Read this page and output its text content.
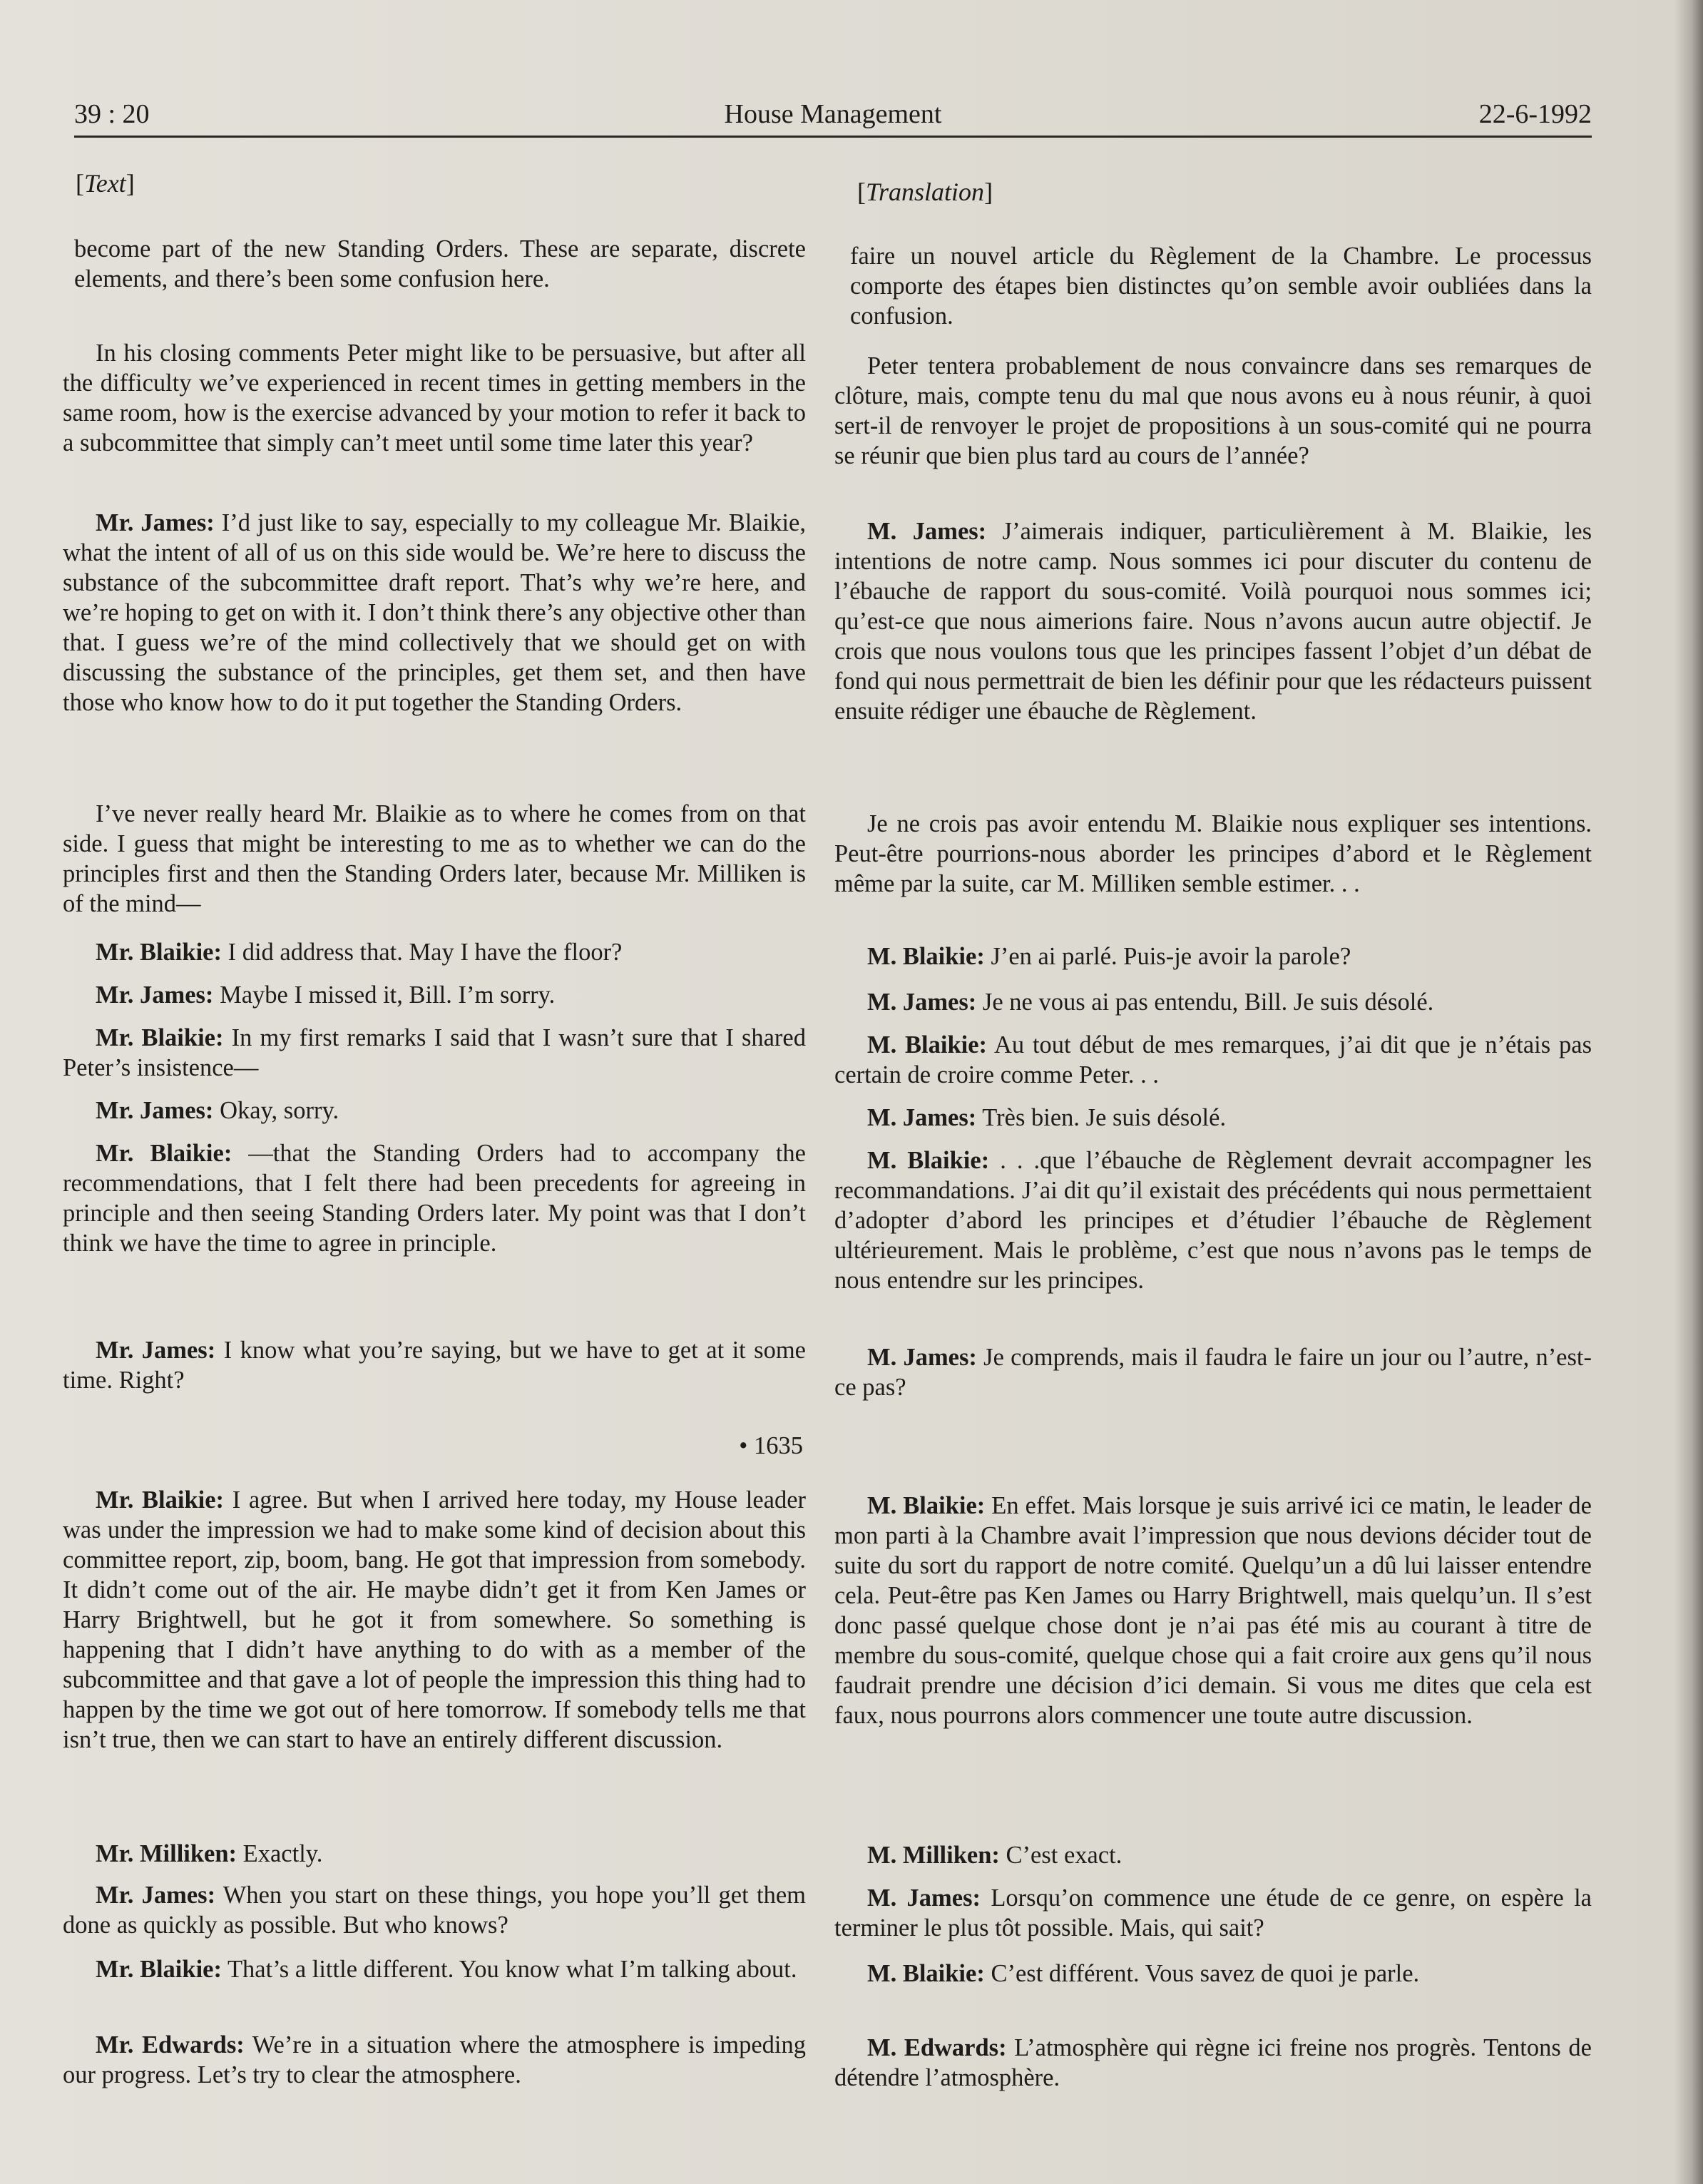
39 : 20	House Management	22-6-1992

[Text]

become part of the new Standing Orders. These are separate, discrete elements, and there’s been some confusion here.

In his closing comments Peter might like to be persuasive, but after all the difficulty we’ve experienced in recent times in getting members in the same room, how is the exercise advanced by your motion to refer it back to a subcommittee that simply can’t meet until some time later this year?

Mr. James: I’d just like to say, especially to my colleague Mr. Blaikie, what the intent of all of us on this side would be. We’re here to discuss the substance of the subcommittee draft report. That’s why we’re here, and we’re hoping to get on with it. I don’t think there’s any objective other than that. I guess we’re of the mind collectively that we should get on with discussing the substance of the principles, get them set, and then have those who know how to do it put together the Standing Orders.

I’ve never really heard Mr. Blaikie as to where he comes from on that side. I guess that might be interesting to me as to whether we can do the principles first and then the Standing Orders later, because Mr. Milliken is of the mind—

Mr. Blaikie: I did address that. May I have the floor?

Mr. James: Maybe I missed it, Bill. I’m sorry.

Mr. Blaikie: In my first remarks I said that I wasn’t sure that I shared Peter’s insistence—

Mr. James: Okay, sorry.

Mr. Blaikie: —that the Standing Orders had to accompany the recommendations, that I felt there had been precedents for agreeing in principle and then seeing Standing Orders later. My point was that I don’t think we have the time to agree in principle.

Mr. James: I know what you’re saying, but we have to get at it some time. Right?

• 1635

Mr. Blaikie: I agree. But when I arrived here today, my House leader was under the impression we had to make some kind of decision about this committee report, zip, boom, bang. He got that impression from somebody. It didn’t come out of the air. He maybe didn’t get it from Ken James or Harry Brightwell, but he got it from somewhere. So something is happening that I didn’t have anything to do with as a member of the subcommittee and that gave a lot of people the impression this thing had to happen by the time we got out of here tomorrow. If somebody tells me that isn’t true, then we can start to have an entirely different discussion.

Mr. Milliken: Exactly.

Mr. James: When you start on these things, you hope you’ll get them done as quickly as possible. But who knows?

Mr. Blaikie: That’s a little different. You know what I’m talking about.

Mr. Edwards: We’re in a situation where the atmosphere is impeding our progress. Let’s try to clear the atmosphere.

[Translation]

faire un nouvel article du Règlement de la Chambre. Le processus comporte des étapes bien distinctes qu’on semble avoir oubliées dans la confusion.

Peter tentera probablement de nous convaincre dans ses remarques de clôture, mais, compte tenu du mal que nous avons eu à nous réunir, à quoi sert-il de renvoyer le projet de propositions à un sous-comité qui ne pourra se réunir que bien plus tard au cours de l’année?

M. James: J’aimerais indiquer, particulièrement à M. Blaikie, les intentions de notre camp. Nous sommes ici pour discuter du contenu de l’ébauche de rapport du sous-comité. Voilà pourquoi nous sommes ici; qu’est-ce que nous aimerions faire. Nous n’avons aucun autre objectif. Je crois que nous voulons tous que les principes fassent l’objet d’un débat de fond qui nous permettrait de bien les définir pour que les rédacteurs puissent ensuite rédiger une ébauche de Règlement.

Je ne crois pas avoir entendu M. Blaikie nous expliquer ses intentions. Peut-être pourrions-nous aborder les principes d’abord et le Règlement même par la suite, car M. Milliken semble estimer. . .

M. Blaikie: J’en ai parlé. Puis-je avoir la parole?

M. James: Je ne vous ai pas entendu, Bill. Je suis désolé.

M. Blaikie: Au tout début de mes remarques, j’ai dit que je n’étais pas certain de croire comme Peter. . .

M. James: Très bien. Je suis désolé.

M. Blaikie: . . .que l’ébauche de Règlement devrait accompagner les recommandations. J’ai dit qu’il existait des précédents qui nous permettaient d’adopter d’abord les principes et d’étudier l’ébauche de Règlement ultérieurement. Mais le problème, c’est que nous n’avons pas le temps de nous entendre sur les principes.

M. James: Je comprends, mais il faudra le faire un jour ou l’autre, n’est-ce pas?

M. Blaikie: En effet. Mais lorsque je suis arrivé ici ce matin, le leader de mon parti à la Chambre avait l’impression que nous devions décider tout de suite du sort du rapport de notre comité. Quelqu’un a dû lui laisser entendre cela. Peut-être pas Ken James ou Harry Brightwell, mais quelqu’un. Il s’est donc passé quelque chose dont je n’ai pas été mis au courant à titre de membre du sous-comité, quelque chose qui a fait croire aux gens qu’il nous faudrait prendre une décision d’ici demain. Si vous me dites que cela est faux, nous pourrons alors commencer une toute autre discussion.

M. Milliken: C’est exact.

M. James: Lorsqu’on commence une étude de ce genre, on espère la terminer le plus tôt possible. Mais, qui sait?

M. Blaikie: C’est différent. Vous savez de quoi je parle.

M. Edwards: L’atmosphère qui règne ici freine nos progrès. Tentons de détendre l’atmosphère.
